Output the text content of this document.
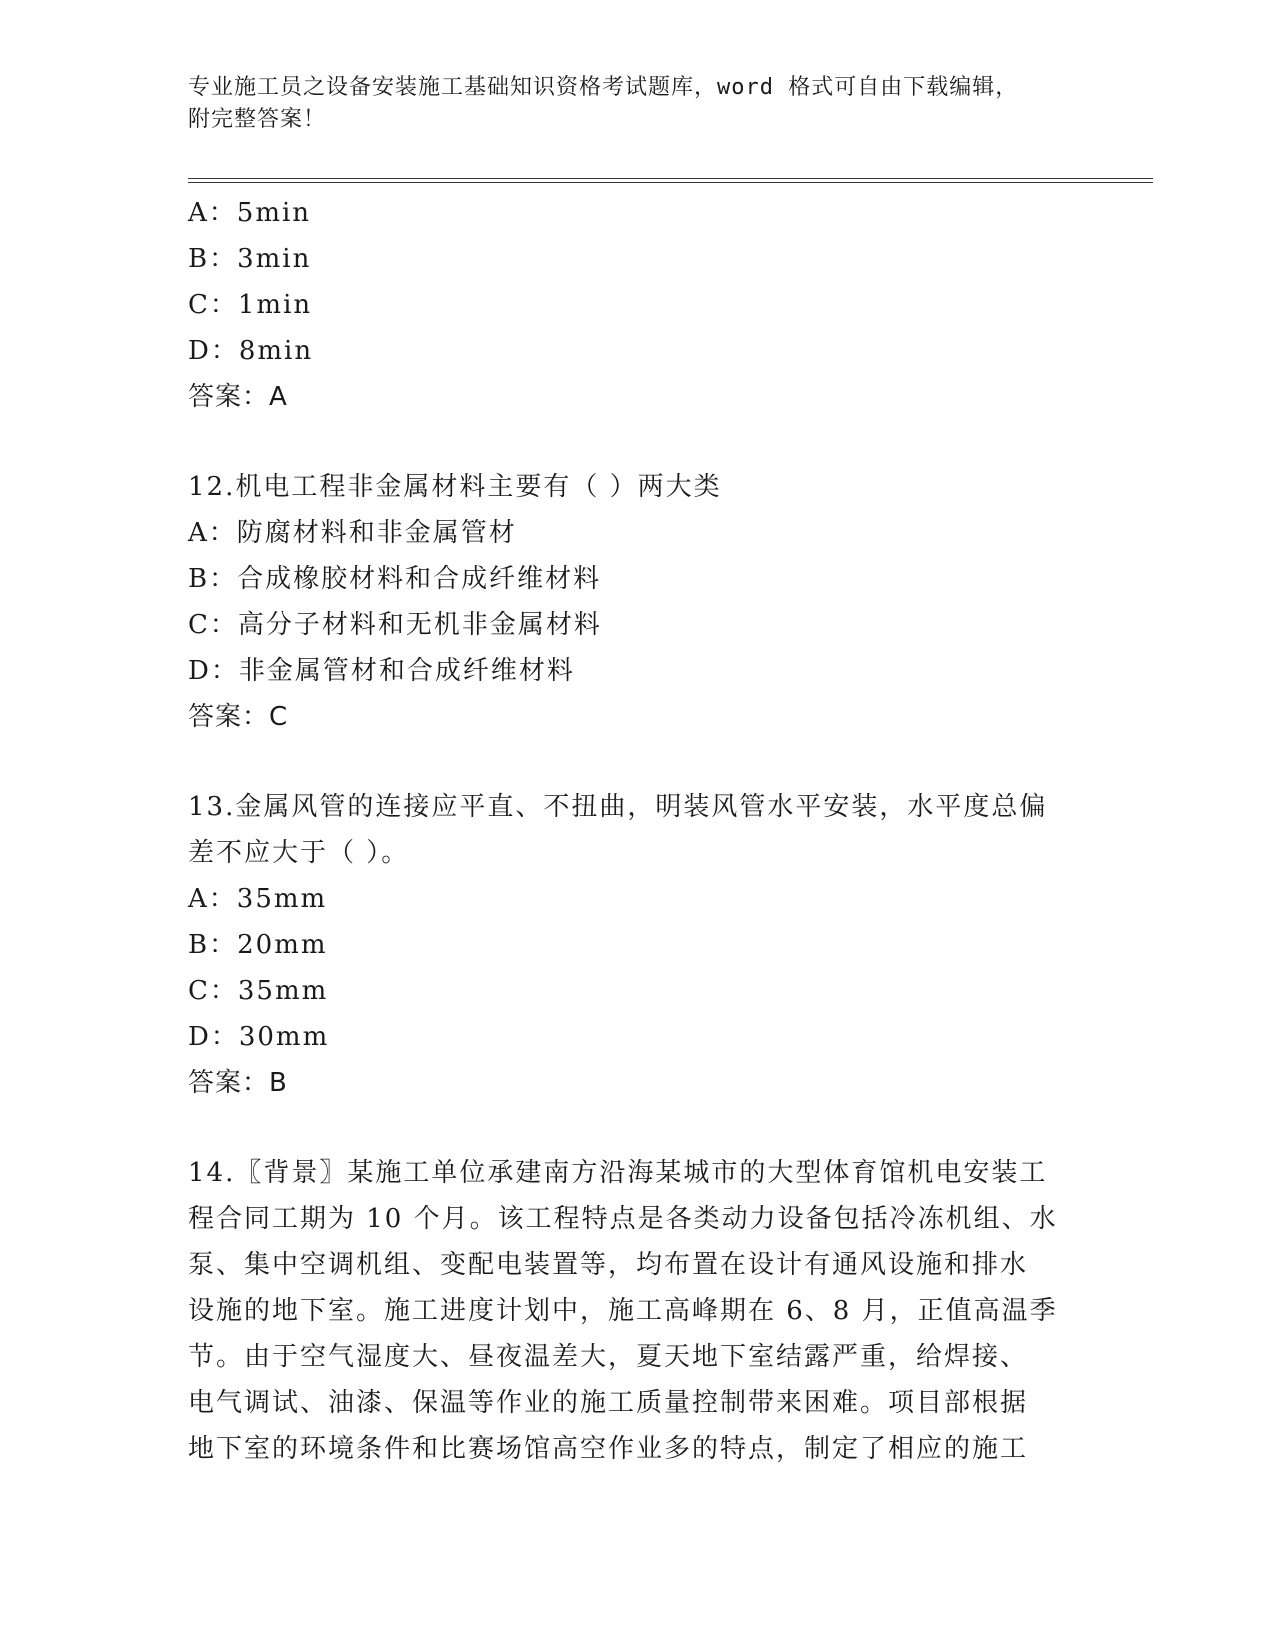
专业施工员之设备安装施工基础知识资格考试题库，word 格式可自由下载编辑，
附完整答案！
A：5min
B：3min
C：1min
D：8min
答案：A
12.机电工程非金属材料主要有（ ）两大类
A：防腐材料和非金属管材
B：合成橡胶材料和合成纤维材料
C：高分子材料和无机非金属材料
D：非金属管材和合成纤维材料
答案：C
13.金属风管的连接应平直、不扭曲，明装风管水平安装，水平度总偏
差不应大于（ ）。
A：35mm
B：20mm
C：35mm
D：30mm
答案：B
14.〖背景〗某施工单位承建南方沿海某城市的大型体育馆机电安装工
程合同工期为 10 个月。该工程特点是各类动力设备包括冷冻机组、水
泵、集中空调机组、变配电装置等，均布置在设计有通风设施和排水
设施的地下室。施工进度计划中，施工高峰期在 6、8 月，正值高温季
节。由于空气湿度大、昼夜温差大，夏天地下室结露严重，给焊接、
电气调试、油漆、保温等作业的施工质量控制带来困难。项目部根据
地下室的环境条件和比赛场馆高空作业多的特点，制定了相应的施工
